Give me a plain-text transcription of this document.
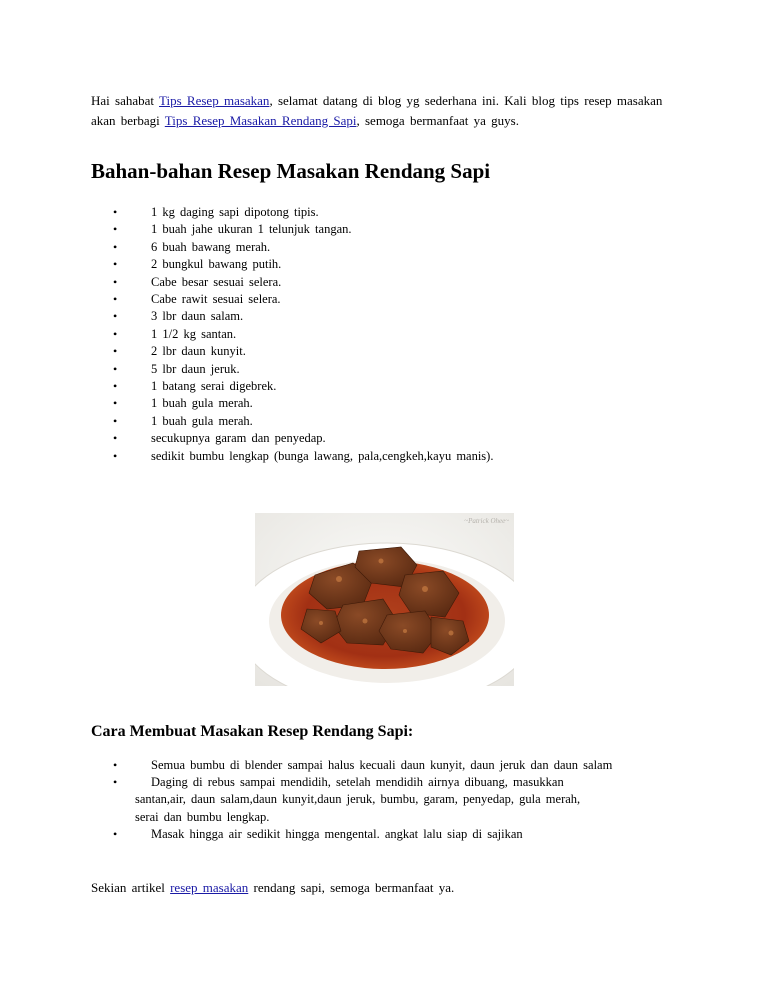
Hai sahabat Tips Resep masakan, selamat datang di blog yg sederhana ini. Kali blog tips resep masakan akan berbagi Tips Resep Masakan Rendang Sapi, semoga bermanfaat ya guys.

Bahan-bahan Resep Masakan Rendang Sapi
• 1 kg daging sapi dipotong tipis.
• 1 buah jahe ukuran 1 telunjuk tangan.
• 6 buah bawang merah.
• 2 bungkul bawang putih.
• Cabe besar sesuai selera.
• Cabe rawit sesuai selera.
• 3 lbr daun salam.
• 1 1/2 kg santan.
• 2 lbr daun kunyit.
• 5 lbr daun jeruk.
• 1 batang serai digebrek.
• 1 buah gula merah.
• 1 buah gula merah.
• secukupnya garam dan penyedap.
• sedikit bumbu lengkap (bunga lawang, pala,cengkeh,kayu manis).
~Patrick Ohee~
Cara Membuat Masakan Resep Rendang Sapi:
• Semua bumbu di blender sampai halus kecuali daun kunyit, daun jeruk dan daun salam
• Daging di rebus sampai mendidih, setelah mendidih airnya dibuang, masukkan
santan,air, daun salam,daun kunyit,daun jeruk, bumbu, garam, penyedap, gula merah,
serai dan bumbu lengkap.
• Masak hingga air sedikit hingga mengental. angkat lalu siap di sajikan

Sekian artikel resep masakan rendang sapi, semoga bermanfaat ya.
